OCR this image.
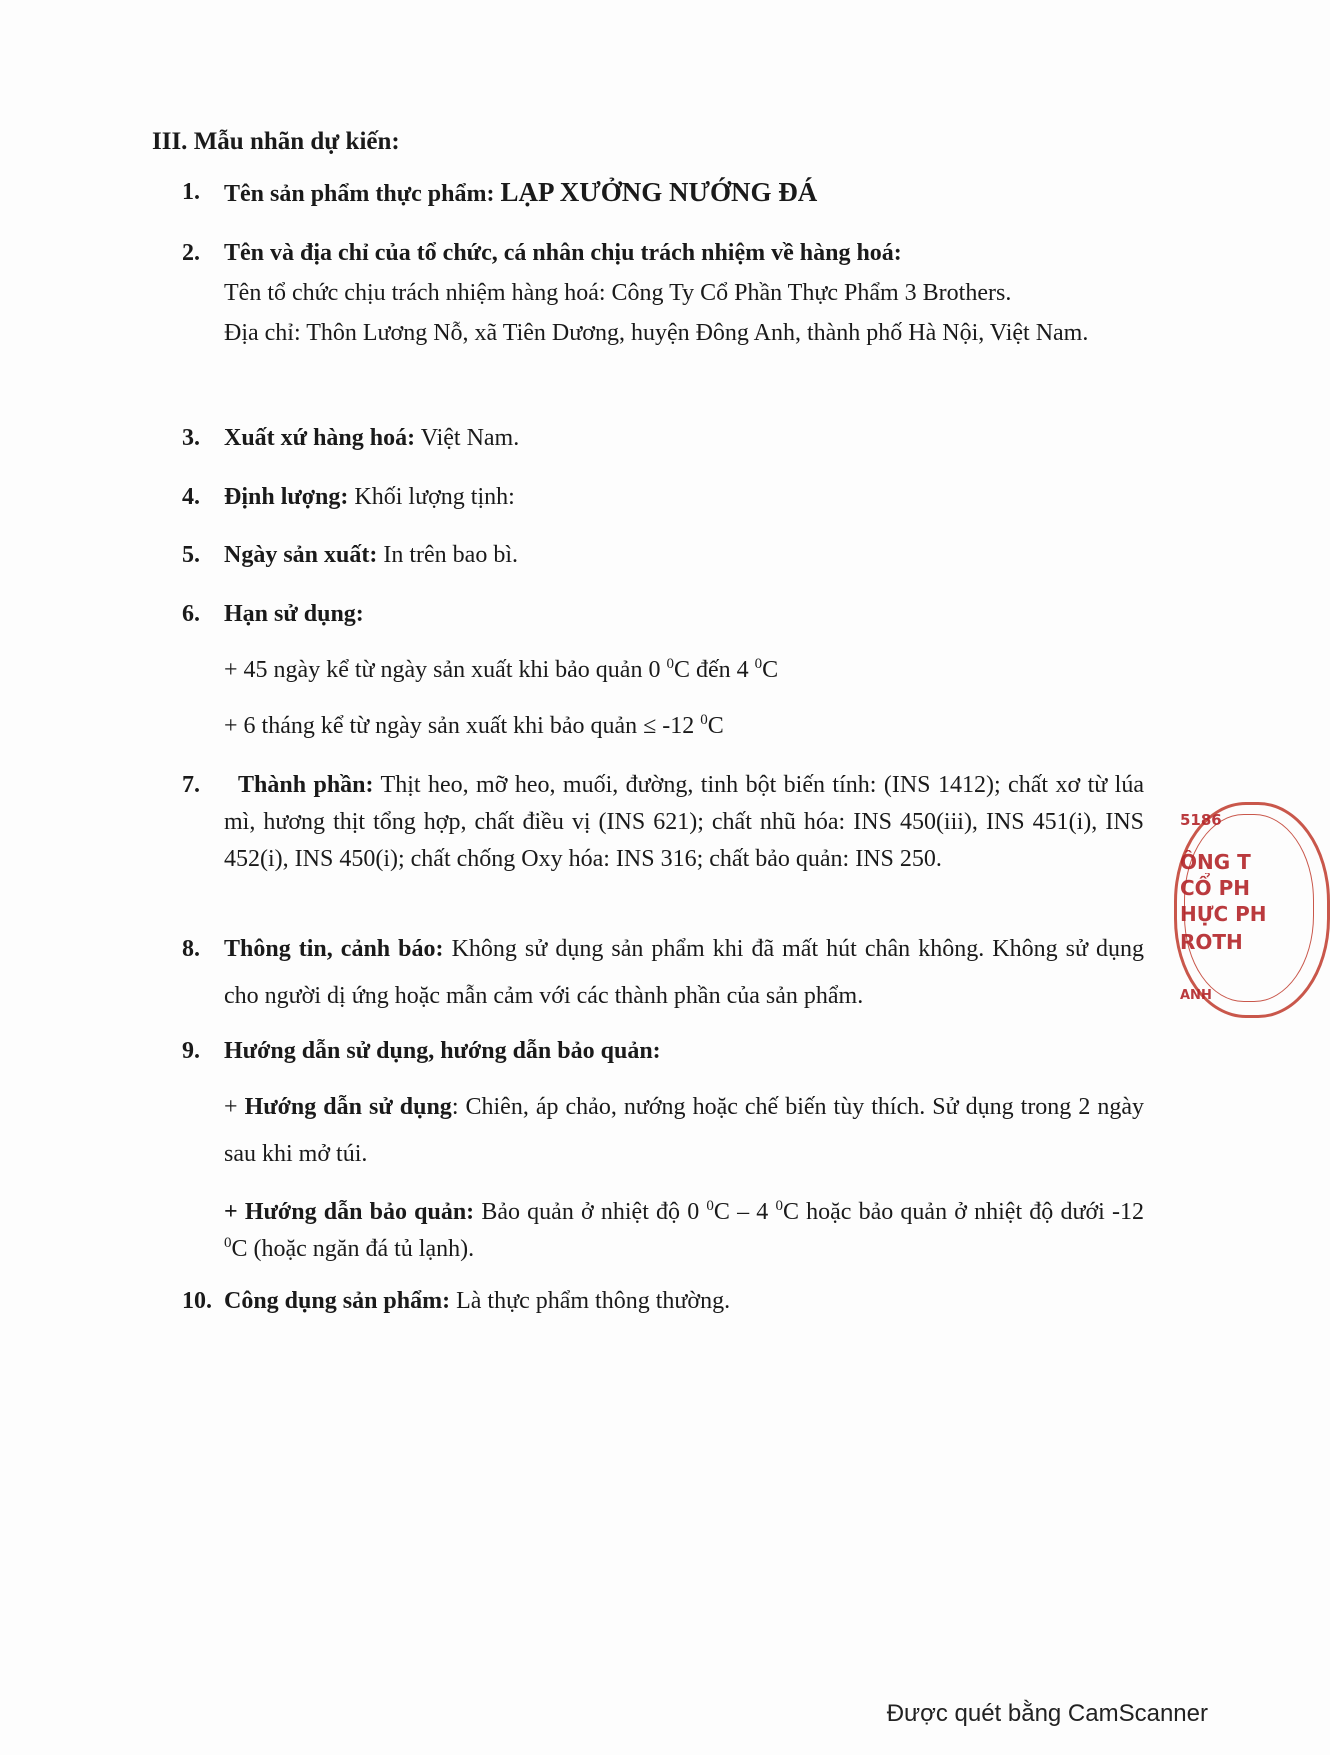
III. Mẫu nhãn dự kiến:
1.	Tên sản phẩm thực phẩm: LẠP XƯỞNG NƯỚNG ĐÁ
2.	Tên và địa chỉ của tổ chức, cá nhân chịu trách nhiệm về hàng hoá:
Tên tổ chức chịu trách nhiệm hàng hoá: Công Ty Cổ Phần Thực Phẩm 3 Brothers.
Địa chỉ: Thôn Lương Nỗ, xã Tiên Dương, huyện Đông Anh, thành phố Hà Nội, Việt Nam.
3.	Xuất xứ hàng hoá: Việt Nam.
4.	Định lượng: Khối lượng tịnh:
5.	Ngày sản xuất: In trên bao bì.
6.	Hạn sử dụng:
+ 45 ngày kể từ ngày sản xuất khi bảo quản 0 $^0$C đến 4 $^0$C
+ 6 tháng kể từ ngày sản xuất khi bảo quản ≤ -12 $^0$C
7.	Thành phần: Thịt heo, mỡ heo, muối, đường, tinh bột biến tính: (INS 1412); chất xơ từ lúa mì, hương thịt tổng hợp, chất điều vị (INS 621); chất nhũ hóa: INS 450(iii), INS 451(i), INS 452(i), INS 450(i); chất chống Oxy hóa: INS 316; chất bảo quản: INS 250.
8.	Thông tin, cảnh báo: Không sử dụng sản phẩm khi đã mất hút chân không. Không sử dụng cho người dị ứng hoặc mẫn cảm với các thành phần của sản phẩm.
9.	Hướng dẫn sử dụng, hướng dẫn bảo quản:
+ Hướng dẫn sử dụng: Chiên, áp chảo, nướng hoặc chế biến tùy thích. Sử dụng trong 2 ngày sau khi mở túi.
+ Hướng dẫn bảo quản: Bảo quản ở nhiệt độ 0 $^0$C – 4 $^0$C hoặc bảo quản ở nhiệt độ dưới -12 $^0$C (hoặc ngăn đá tủ lạnh).
10. Công dụng sản phẩm: Là thực phẩm thông thường.
5186
ÔNG T
CỔ PH
HỰC PH
ROTH
ANH
Được quét bằng CamScanner
